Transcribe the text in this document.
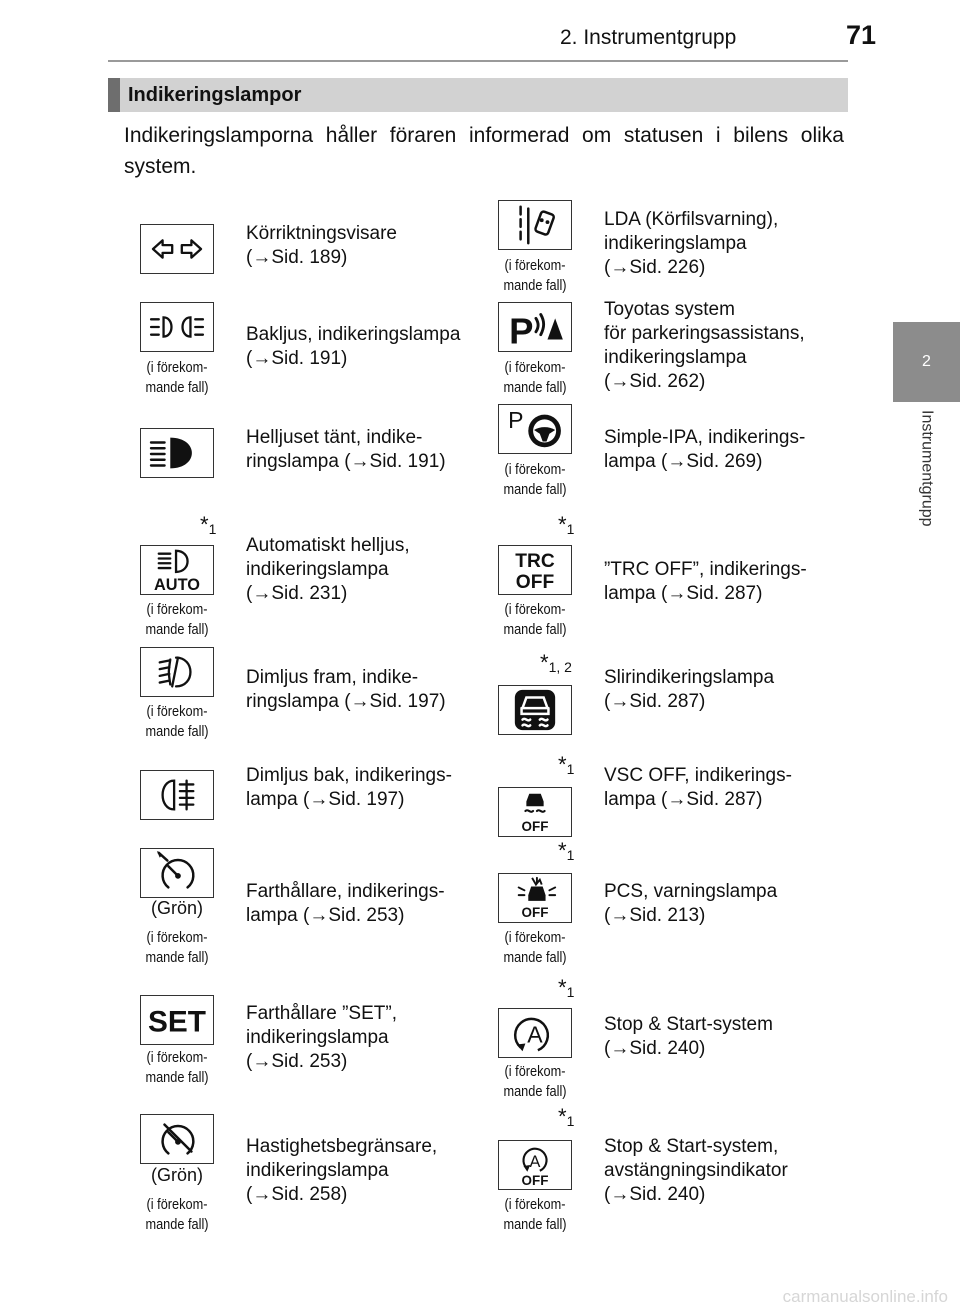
2. Instrumentgrupp	71
2
Instrumentgrupp
Indikeringslampor
Indikeringslamporna håller föraren informerad om statusen i bilens olika system.
Körriktningsvisare
(→Sid. 189)
(i förekom-
mande fall)
Bakljus, indikeringslampa
(→Sid. 191)
Helljuset tänt, indike-
ringslampa (→Sid. 191)
$*_1$
AUTO
(i förekom-
mande fall)
Automatiskt helljus,
indikeringslampa
(→Sid. 231)
(i förekom-
mande fall)
Dimljus fram, indike-
ringslampa (→Sid. 197)
Dimljus bak, indikerings-
lampa (→Sid. 197)
(Grön)
(i förekom-
mande fall)
Farthållare, indikerings-
lampa (→Sid. 253)
SET
(i förekom-
mande fall)
Farthållare ”SET”,
indikeringslampa
(→Sid. 253)
(Grön)
(i förekom-
mande fall)
Hastighetsbegränsare,
indikeringslampa
(→Sid. 258)
(i förekom-
mande fall)
LDA (Körfilsvarning),
indikeringslampa
(→Sid. 226)
P
(i förekom-
mande fall)
Toyotas system
för parkeringsassistans,
indikeringslampa
(→Sid. 262)
P
(i förekom-
mande fall)
Simple-IPA, indikerings-
lampa (→Sid. 269)
$*_1$
TRC
OFF
(i förekom-
mande fall)
”TRC OFF”, indikerings-
lampa (→Sid. 287)
$*_{1, 2}$ Slirindikeringslampa
(→Sid. 287)
$*_1$
OFF
VSC OFF, indikerings-
lampa (→Sid. 287)
$*_1$
OFF
(i förekom-
mande fall)
PCS, varningslampa
(→Sid. 213)
$*_1$
A
(i förekom-
mande fall)
Stop & Start-system
(→Sid. 240)
$*_1$
A
OFF
(i förekom-
mande fall)
Stop & Start-system,
avstängningsindikator
(→Sid. 240)
carmanualsonline.info
